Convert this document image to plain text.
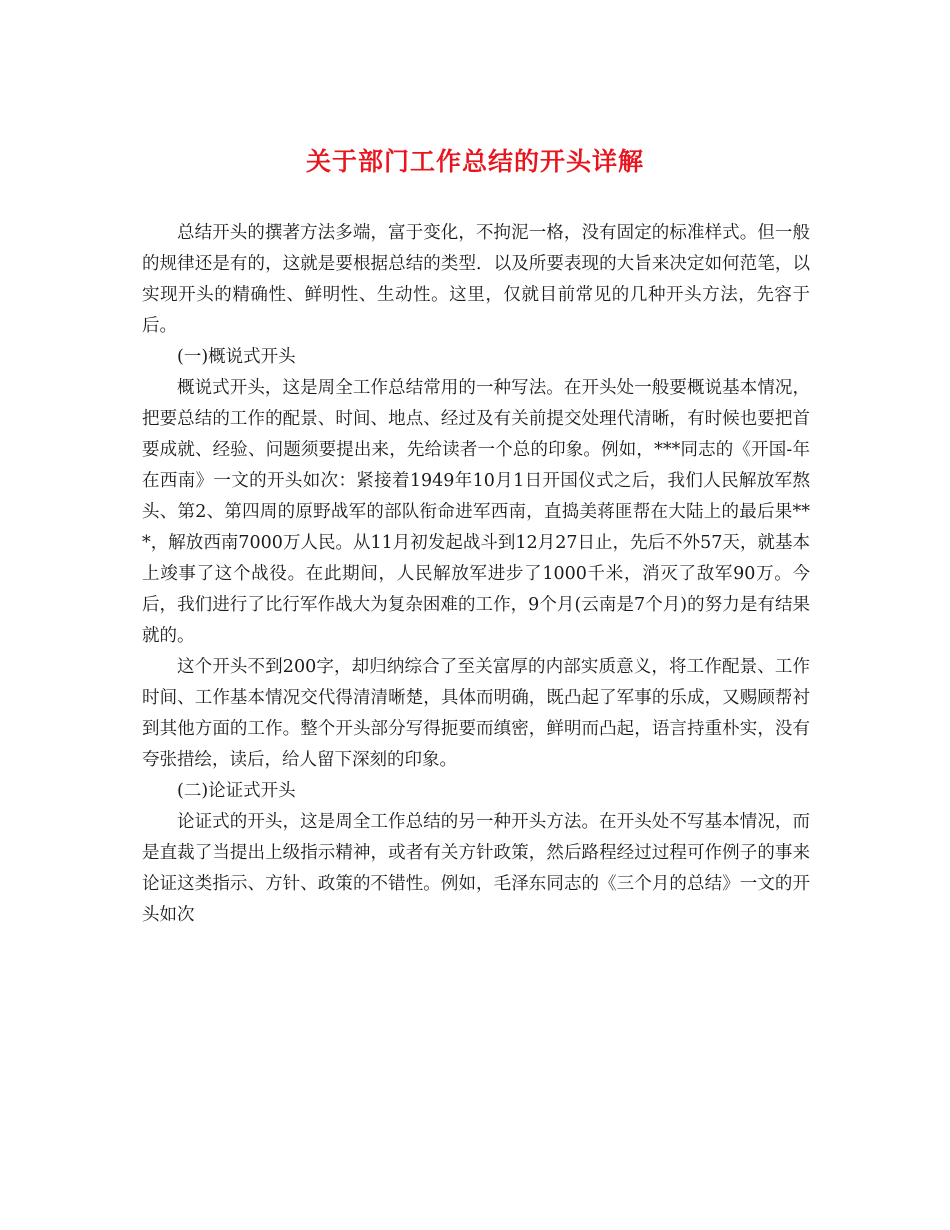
关于部门工作总结的开头详解

总结开头的撰著方法多端，富于变化，不拘泥一格，没有固定的标准样式。但一般的规律还是有的，这就是要根据总结的类型．以及所要表现的大旨来决定如何范笔，以实现开头的精确性、鲜明性、生动性。这里，仅就目前常见的几种开头方法，先容于后。

(一)概说式开头

概说式开头，这是周全工作总结常用的一种写法。在开头处一般要概说基本情况，把要总结的工作的配景、时间、地点、经过及有关前提交处理代清晰，有时候也要把首要成就、经验、问题须要提出来，先给读者一个总的印象。例如，***同志的《开国-年在西南》一文的开头如次：紧接着1949年10月1日开国仪式之后，我们人民解放军熬头、第2、第四周的原野战军的部队衔命进军西南，直捣美蒋匪帮在大陆上的最后果***，解放西南7000万人民。从11月初发起战斗到12月27日止，先后不外57天，就基本上竣事了这个战役。在此期间，人民解放军进步了1000千米，消灭了敌军90万。今后，我们进行了比行军作战大为复杂困难的工作，9个月(云南是7个月)的努力是有结果就的。

这个开头不到200字，却归纳综合了至关富厚的内部实质意义，将工作配景、工作时间、工作基本情况交代得清清晰楚，具体而明确，既凸起了军事的乐成，又赐顾帮衬到其他方面的工作。整个开头部分写得扼要而缜密，鲜明而凸起，语言持重朴实，没有夸张措绘，读后，给人留下深刻的印象。

(二)论证式开头

论证式的开头，这是周全工作总结的另一种开头方法。在开头处不写基本情况，而是直裁了当提出上级指示精神，或者有关方针政策，然后路程经过过程可作例子的事来论证这类指示、方针、政策的不错性。例如，毛泽东同志的《三个月的总结》一文的开头如次
